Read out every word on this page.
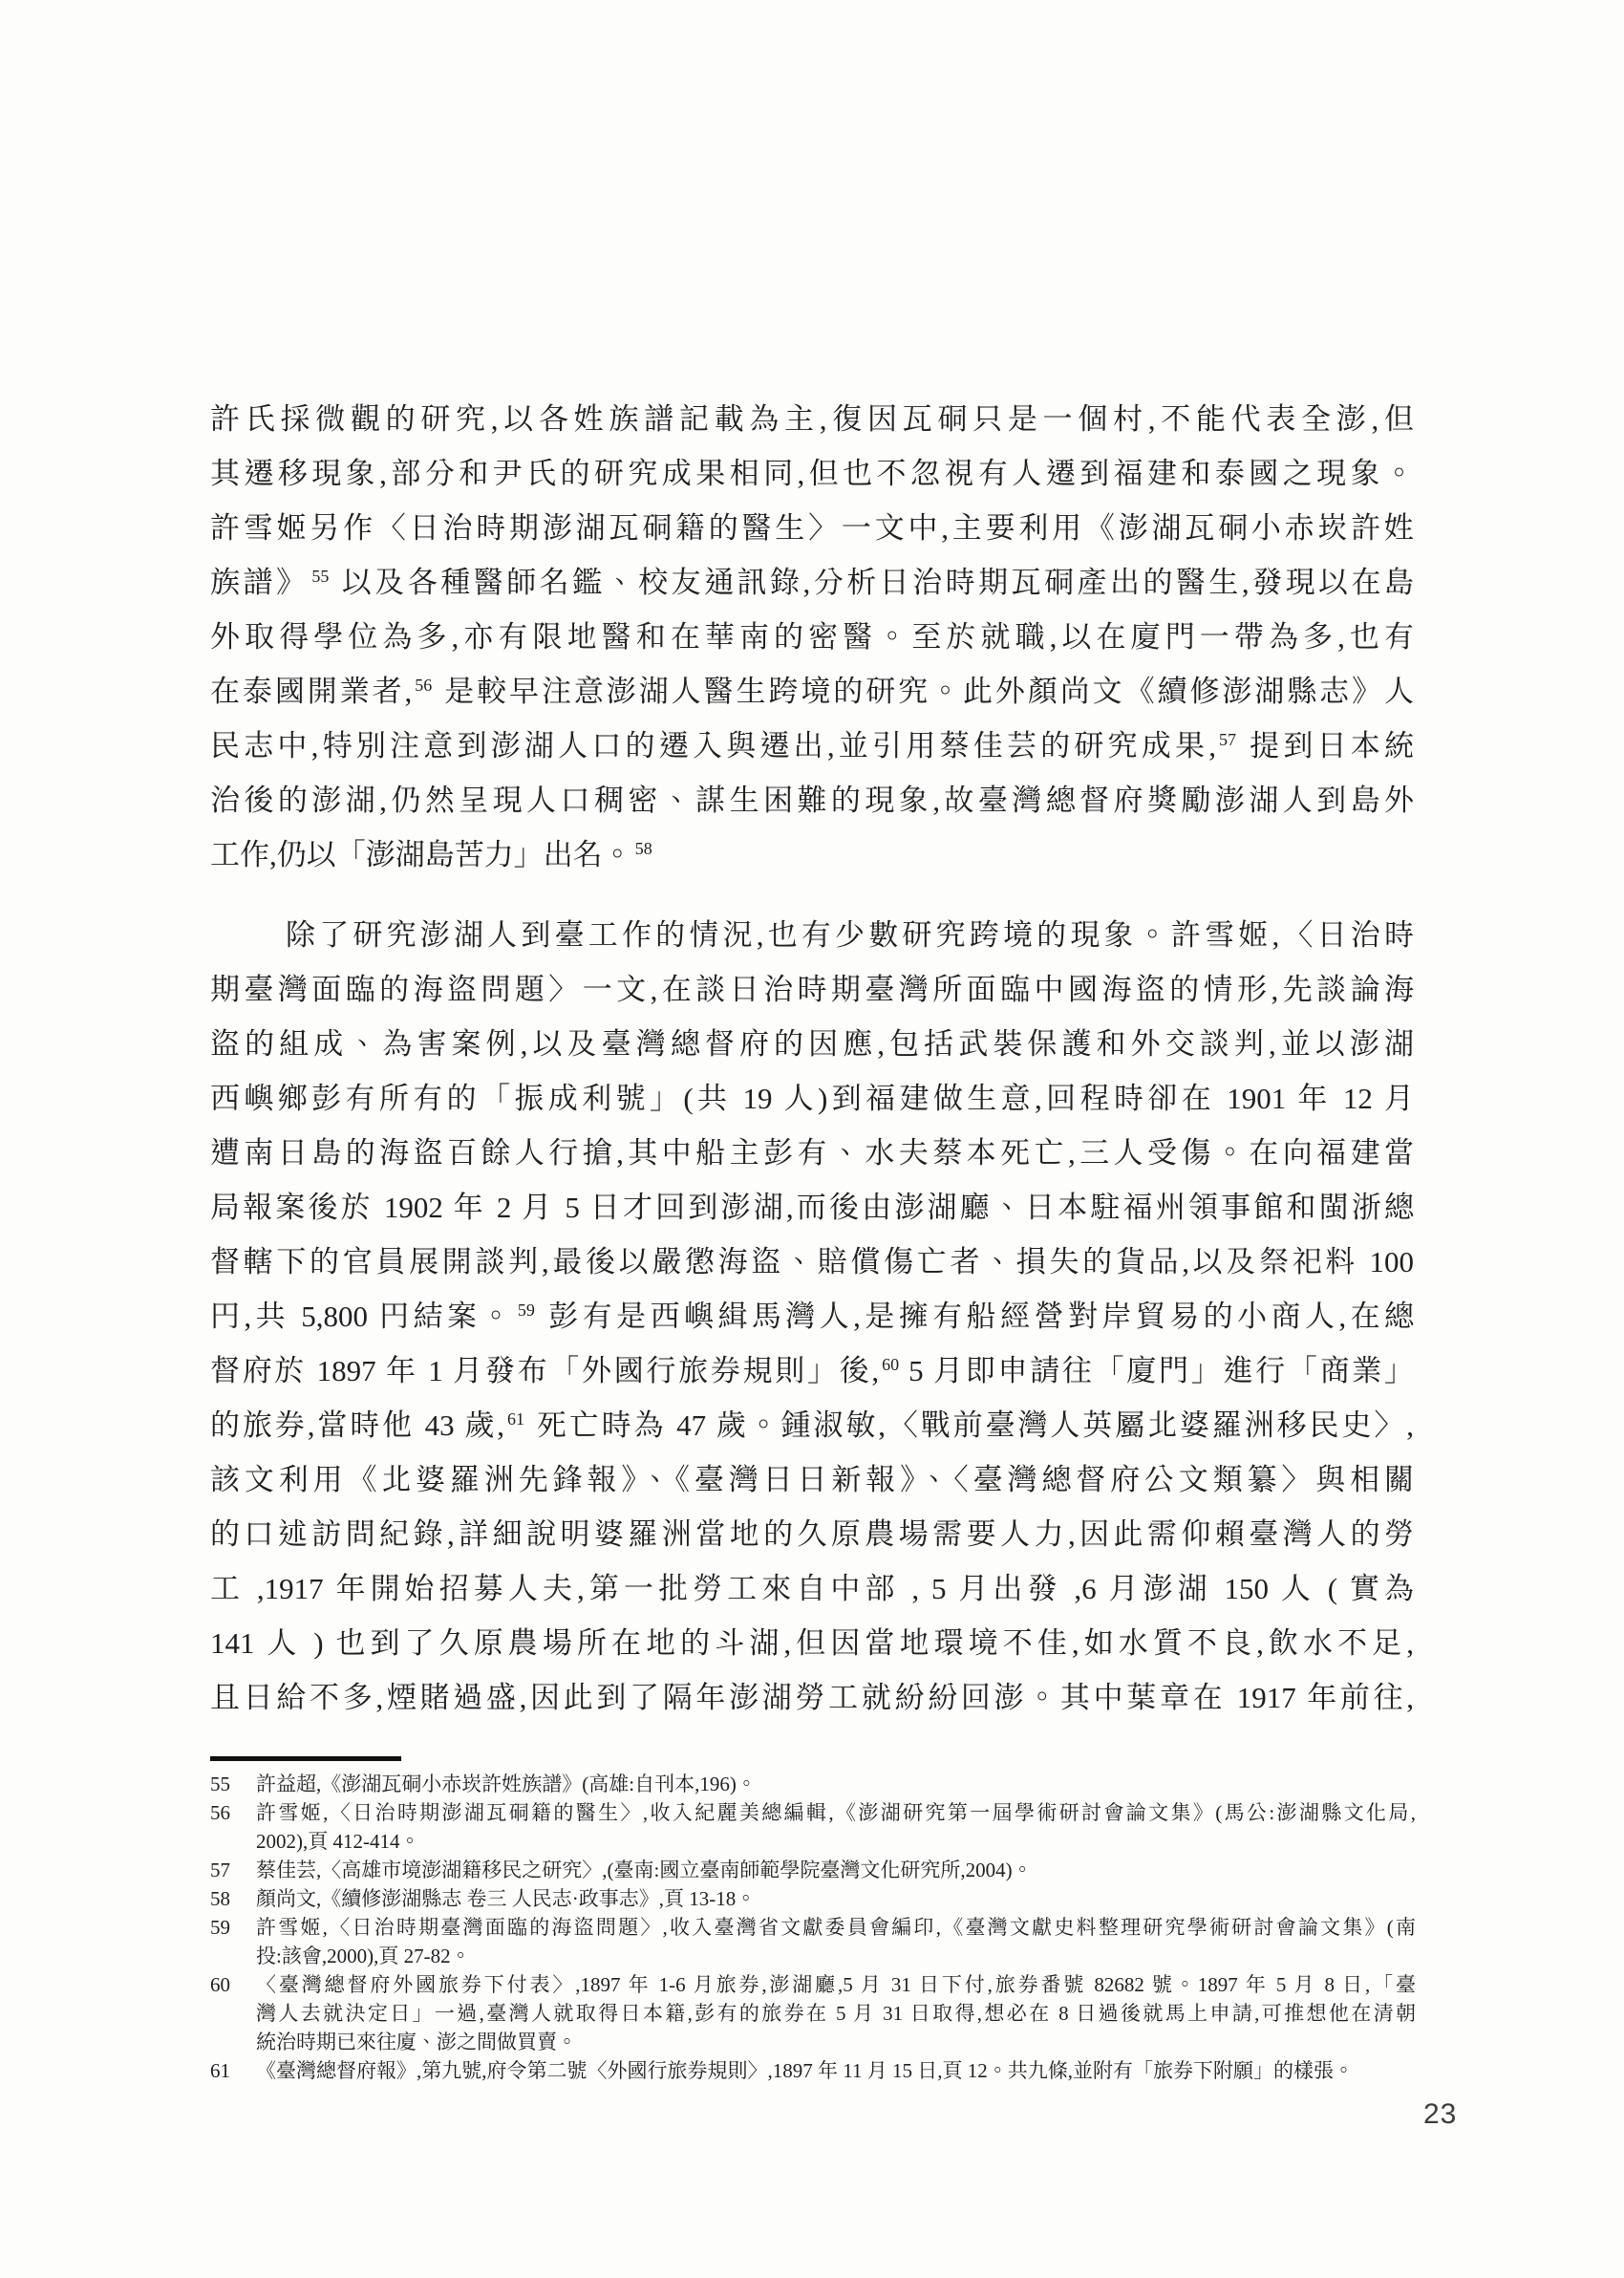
許氏採微觀的研究,以各姓族譜記載為主,復因瓦硐只是一個村,不能代表全澎,但
其遷移現象,部分和尹氏的研究成果相同,但也不忽視有人遷到福建和泰國之現象。
許雪姬另作〈日治時期澎湖瓦硐籍的醫生〉一文中,主要利用《澎湖瓦硐小赤崁許姓
族譜》 $^{55}$ 以及各種醫師名鑑、校友通訊錄,分析日治時期瓦硐產出的醫生,發現以在島
外取得學位為多,亦有限地醫和在華南的密醫。至於就職,以在廈門一帶為多,也有
在泰國開業者, $^{56}$ 是較早注意澎湖人醫生跨境的研究。此外顏尚文《續修澎湖縣志》人
民志中,特別注意到澎湖人口的遷入與遷出,並引用蔡佳芸的研究成果, $^{57}$ 提到日本統
治後的澎湖,仍然呈現人口稠密、謀生困難的現象,故臺灣總督府獎勵澎湖人到島外
工作,仍以「澎湖島苦力」出名。 $^{58}$
除了研究澎湖人到臺工作的情況,也有少數研究跨境的現象。許雪姬,〈日治時
期臺灣面臨的海盜問題〉一文,在談日治時期臺灣所面臨中國海盜的情形,先談論海
盜的組成、為害案例,以及臺灣總督府的因應,包括武裝保護和外交談判,並以澎湖
西嶼鄉彭有所有的「振成利號」(共 19 人)到福建做生意,回程時卻在 1901 年 12 月
遭南日島的海盜百餘人行搶,其中船主彭有、水夫蔡本死亡,三人受傷。在向福建當
局報案後於 1902 年 2 月 5 日才回到澎湖,而後由澎湖廳、日本駐福州領事館和閩浙總
督轄下的官員展開談判,最後以嚴懲海盜、賠償傷亡者、損失的貨品,以及祭祀料 100
円,共 5,800 円結案。 $^{59}$ 彭有是西嶼緝馬灣人,是擁有船經營對岸貿易的小商人,在總
督府於 1897 年 1 月發布「外國行旅券規則」後, $^{60}$ 5 月即申請往「廈門」進行「商業」
的旅券,當時他 43 歲, $^{61}$ 死亡時為 47 歲。鍾淑敏,〈戰前臺灣人英屬北婆羅洲移民史〉,
該文利用《北婆羅洲先鋒報》、《臺灣日日新報》、〈臺灣總督府公文類纂〉與相關
的口述訪問紀錄,詳細說明婆羅洲當地的久原農場需要人力,因此需仰賴臺灣人的勞
工 ,1917 年開始招募人夫,第一批勞工來自中部 , 5 月出發 ,6 月澎湖 150 人 ( 實為
141 人 ) 也到了久原農場所在地的斗湖,但因當地環境不佳,如水質不良,飲水不足,
且日給不多,煙賭過盛,因此到了隔年澎湖勞工就紛紛回澎。其中葉章在 1917 年前往,
55	許益超,《澎湖瓦硐小赤崁許姓族譜》(高雄:自刊本,196)。
56	許雪姬,〈日治時期澎湖瓦硐籍的醫生〉,收入紀麗美總編輯,《澎湖研究第一屆學術研討會論文集》(馬公:澎湖縣文化局,
2002),頁 412-414。
57	蔡佳芸,〈高雄市境澎湖籍移民之研究〉,(臺南:國立臺南師範學院臺灣文化研究所,2004)。
58	顏尚文,《續修澎湖縣志 卷三 人民志·政事志》,頁 13-18。
59	許雪姬,〈日治時期臺灣面臨的海盜問題〉,收入臺灣省文獻委員會編印,《臺灣文獻史料整理研究學術研討會論文集》(南
投:該會,2000),頁 27-82。
60	〈臺灣總督府外國旅券下付表〉,1897 年 1-6 月旅券,澎湖廳,5 月 31 日下付,旅券番號 82682 號。1897 年 5 月 8 日,「臺
灣人去就決定日」一過,臺灣人就取得日本籍,彭有的旅券在 5 月 31 日取得,想必在 8 日過後就馬上申請,可推想他在清朝
統治時期已來往廈、澎之間做買賣。
61	《臺灣總督府報》,第九號,府令第二號〈外國行旅券規則〉,1897 年 11 月 15 日,頁 12。共九條,並附有「旅券下附願」的樣張。
23
